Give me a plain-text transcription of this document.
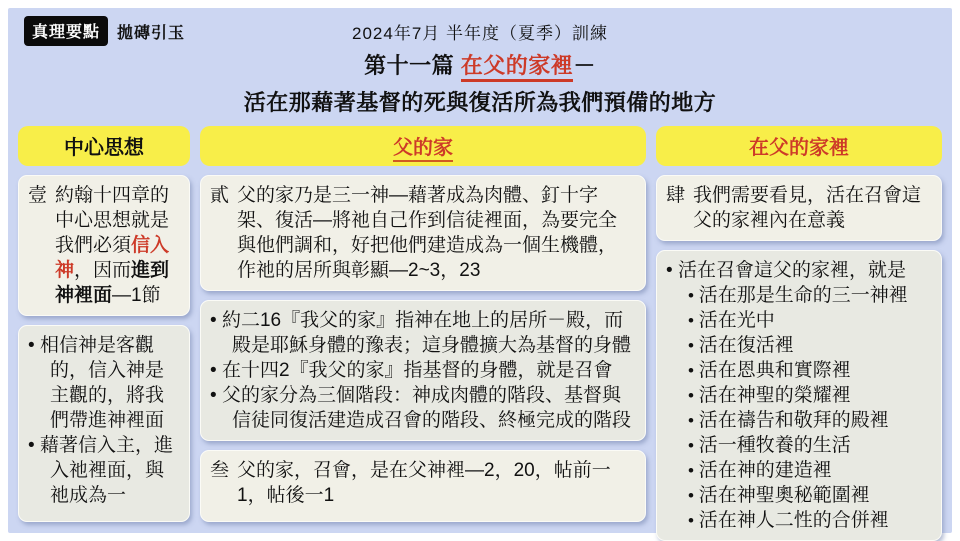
真理要點	拋磚引玉	2024年7月 半年度（夏季）訓練
第十一篇 在父的家裡－
活在那藉著基督的死與復活所為我們預備的地方
中心思想
壹 約翰十四章的中心思想就是我們必須信入神，因而進到神裡面—1節
• 相信神是客觀的，信入神是主觀的，將我們帶進神裡面
• 藉著信入主，進入祂裡面，與祂成為一
父的家
貳 父的家乃是三一神—藉著成為肉體、釘十字架、復活—將祂自己作到信徒裡面，為要完全與他們調和，好把他們建造成為一個生機體，作祂的居所與彰顯—2~3，23
• 約二16『我父的家』指神在地上的居所－殿，而殿是耶穌身體的豫表；這身體擴大為基督的身體
• 在十四2『我父的家』指基督的身體，就是召會
• 父的家分為三個階段：神成肉體的階段、基督與信徒同復活建造成召會的階段、終極完成的階段
叁 父的家，召會，是在父神裡—2，20，帖前一1，帖後一1
在父的家裡
肆 我們需要看見，活在召會這父的家裡內在意義
• 活在召會這父的家裡，就是
• 活在那是生命的三一神裡
• 活在光中
• 活在復活裡
• 活在恩典和實際裡
• 活在神聖的榮耀裡
• 活在禱告和敬拜的殿裡
• 活一種牧養的生活
• 活在神的建造裡
• 活在神聖奧秘範圍裡
• 活在神人二性的合併裡
